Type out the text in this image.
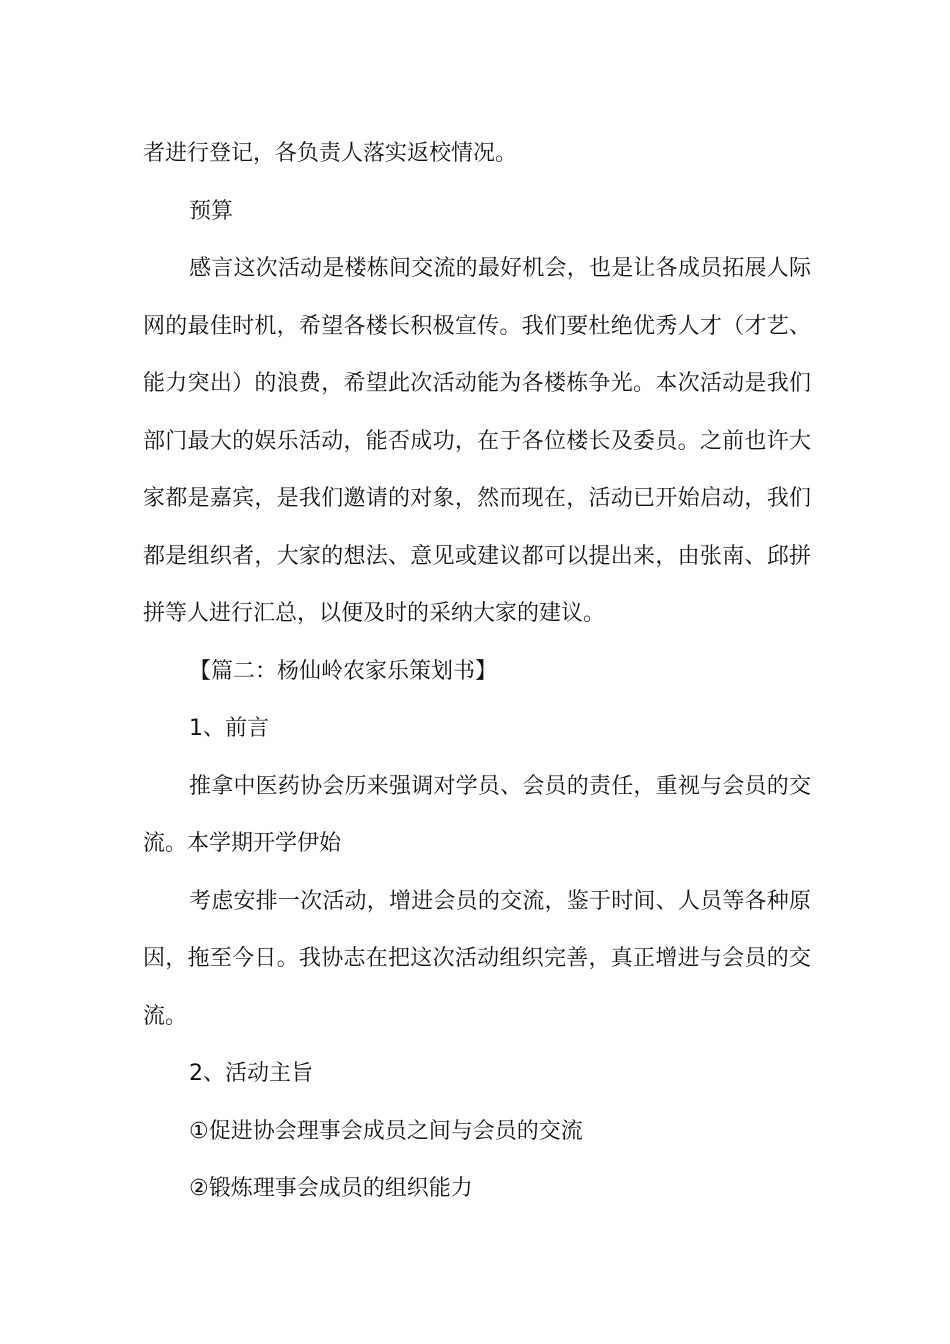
者进行登记，各负责人落实返校情况。

预算

感言这次活动是楼栋间交流的最好机会，也是让各成员拓展人际网的最佳时机，希望各楼长积极宣传。我们要杜绝优秀人才（才艺、能力突出）的浪费，希望此次活动能为各楼栋争光。本次活动是我们部门最大的娱乐活动，能否成功，在于各位楼长及委员。之前也许大家都是嘉宾，是我们邀请的对象，然而现在，活动已开始启动，我们都是组织者，大家的想法、意见或建议都可以提出来，由张南、邱拼拼等人进行汇总，以便及时的采纳大家的建议。

【篇二：杨仙岭农家乐策划书】

1、前言

推拿中医药协会历来强调对学员、会员的责任，重视与会员的交流。本学期开学伊始

考虑安排一次活动，增进会员的交流，鉴于时间、人员等各种原因，拖至今日。我协志在把这次活动组织完善，真正增进与会员的交流。

2、活动主旨

①促进协会理事会成员之间与会员的交流

②锻炼理事会成员的组织能力
